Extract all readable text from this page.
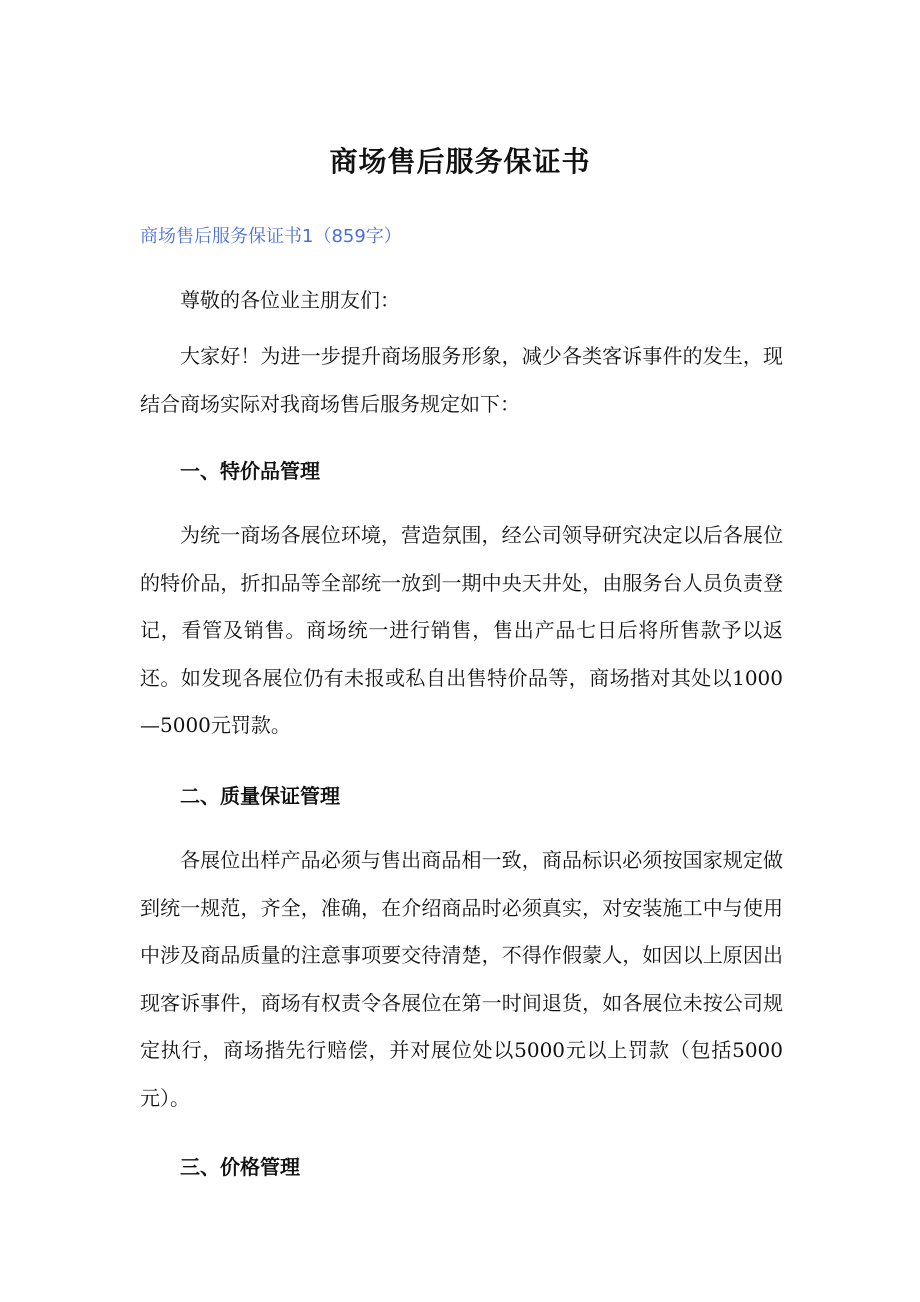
商场售后服务保证书
商场售后服务保证书1（859字）
尊敬的各位业主朋友们：
大家好！为进一步提升商场服务形象，减少各类客诉事件的发生，现结合商场实际对我商场售后服务规定如下：
一、特价品管理
为统一商场各展位环境，营造氛围，经公司领导研究决定以后各展位的特价品，折扣品等全部统一放到一期中央天井处，由服务台人员负责登记，看管及销售。商场统一进行销售，售出产品七日后将所售款予以返还。如发现各展位仍有未报或私自出售特价品等，商场揩对其处以1000—5000元罚款。
二、质量保证管理
各展位出样产品必须与售出商品相一致，商品标识必须按国家规定做到统一规范，齐全，准确，在介绍商品时必须真实，对安装施工中与使用中涉及商品质量的注意事项要交待清楚，不得作假蒙人，如因以上原因出现客诉事件，商场有权责令各展位在第一时间退货，如各展位未按公司规定执行，商场揩先行赔偿，并对展位处以5000元以上罚款（包括5000元）。
三、价格管理
